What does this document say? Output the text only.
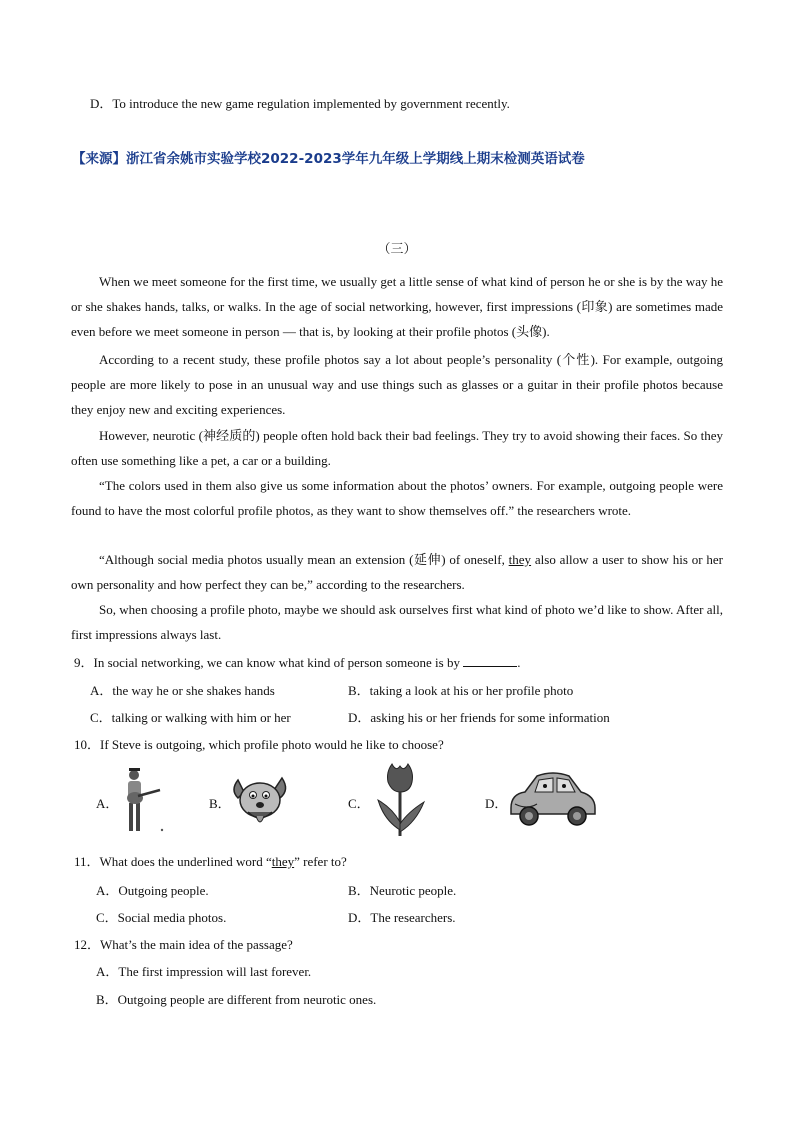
D．To introduce the new game regulation implemented by government recently.
【来源】浙江省余姚市实验学校2022-2023学年九年级上学期线上期末检测英语试卷
（三）
When we meet someone for the first time, we usually get a little sense of what kind of person he or she is by the way he or she shakes hands, talks, or walks. In the age of social networking, however, first impressions (印象) are sometimes made even before we meet someone in person — that is, by looking at their profile photos (头像).
According to a recent study, these profile photos say a lot about people’s personality (个性). For example, outgoing people are more likely to pose in an unusual way and use things such as glasses or a guitar in their profile photos because they enjoy new and exciting experiences.
However, neurotic (神经质的) people often hold back their bad feelings. They try to avoid showing their faces. So they often use something like a pet, a car or a building.
“The colors used in them also give us some information about the photos’ owners. For example, outgoing people were found to have the most colorful profile photos, as they want to show themselves off.” the researchers wrote.
“Although social media photos usually mean an extension (延伸) of oneself, they also allow a user to show his or her own personality and how perfect they can be,” according to the researchers.
So, when choosing a profile photo, maybe we should ask ourselves first what kind of photo we’d like to show. After all, first impressions always last.
9．In social networking, we can know what kind of person someone is by	.
A．the way he or she shakes hands	B．taking a look at his or her profile photo
C．talking or walking with him or her	D．asking his or her friends for some information
10．If Steve is outgoing, which profile photo would he like to choose?
A．	B．	C．	D．
11．What does the underlined word “they” refer to?
A．Outgoing people.	B．Neurotic people.
C．Social media photos.	D．The researchers.
12．What’s the main idea of the passage?
A．The first impression will last forever.
B．Outgoing people are different from neurotic ones.
